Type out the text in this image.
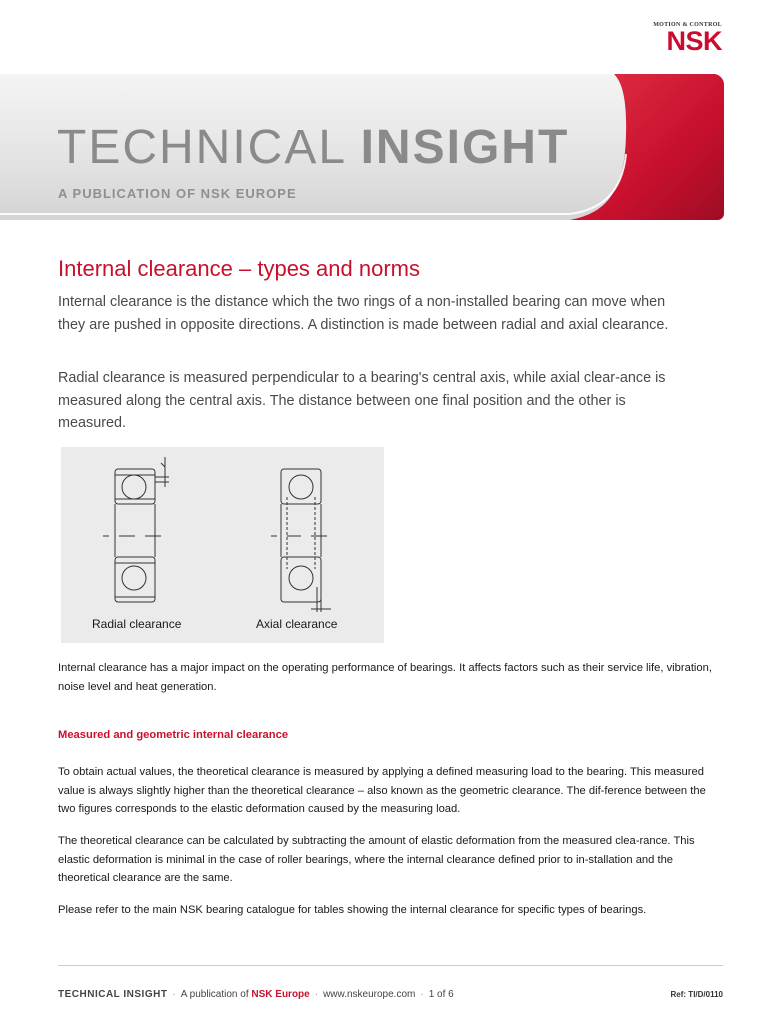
MOTION & CONTROL
NSK
TECHNICAL INSIGHT
A PUBLICATION OF NSK EUROPE
Internal clearance – types and norms
Internal clearance is the distance which the two rings of a non-installed bearing can move when they are pushed in opposite directions. A distinction is made between radial and axial clearance.
Radial clearance is measured perpendicular to a bearing's central axis, while axial clear-ance is measured along the central axis. The distance between one final position and the other is measured.
Radial clearance	Axial clearance
Internal clearance has a major impact on the operating performance of bearings. It affects factors such as their service life, vibration, noise level and heat generation.
Measured and geometric internal clearance
To obtain actual values, the theoretical clearance is measured by applying a defined measuring load to the bearing. This measured value is always slightly higher than the theoretical clearance – also known as the geometric clearance. The dif-ference between the two figures corresponds to the elastic deformation caused by the measuring load.
The theoretical clearance can be calculated by subtracting the amount of elastic deformation from the measured clea-rance. This elastic deformation is minimal in the case of roller bearings, where the internal clearance defined prior to in-stallation and the theoretical clearance are the same.
Please refer to the main NSK bearing catalogue for tables showing the internal clearance for specific types of bearings.
TECHNICAL INSIGHT · A publication of NSK Europe · www.nskeurope.com · 1 of 6	Ref: TI/D/0110
